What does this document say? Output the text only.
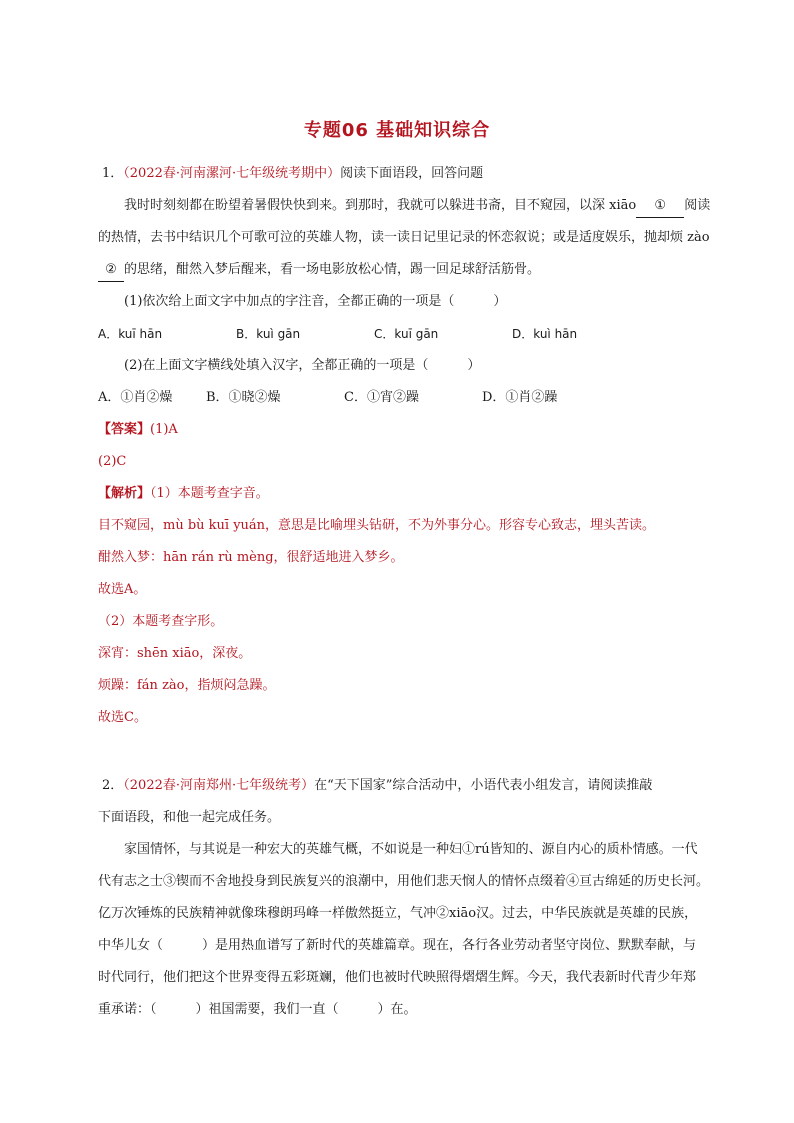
专题06 基础知识综合
1．（2022春·河南漯河·七年级统考期中）阅读下面语段，回答问题
我时时刻刻都在盼望着暑假快快到来。到那时，我就可以躲进书斋，目不窥园，以深 xiāo ① 阅读
的热情，去书中结识几个可歌可泣的英雄人物，读一读日记里记录的怀恋叙说；或是适度娱乐，抛却烦 zào
② 的思绪，酣然入梦后醒来，看一场电影放松心情，踢一回足球舒活筋骨。
(1)依次给上面文字中加点的字注音，全都正确的一项是（　　　）
A．kuī hān	B．kuì gān	C．kuī gān	D．kuì hān
(2)在上面文字横线处填入汉字，全都正确的一项是（　　　）
A．①肖②燥	B．①晓②燥	C．①宵②躁	D．①肖②躁
【答案】(1)A
(2)C
【解析】（1）本题考查字音。
目不窥园，mù bù kuī yuán，意思是比喻埋头钻研，不为外事分心。形容专心致志，埋头苦读。
酣然入梦：hān rán rù mèng，很舒适地进入梦乡。
故选A。
（2）本题考查字形。
深宵：shēn xiāo，深夜。
烦躁：fán zào，指烦闷急躁。
故选C。
2．（2022春·河南郑州·七年级统考）在“天下国家”综合活动中，小语代表小组发言，请阅读推敲
下面语段，和他一起完成任务。
家国情怀，与其说是一种宏大的英雄气概，不如说是一种妇①rú皆知的、源自内心的质朴情感。一代
代有志之士③锲而不舍地投身到民族复兴的浪潮中，用他们悲天悯人的情怀点缀着④亘古绵延的历史长河。
亿万次锤炼的民族精神就像珠穆朗玛峰一样傲然挺立，气冲②xiāo汉。过去，中华民族就是英雄的民族，
中华儿女（　　　）是用热血谱写了新时代的英雄篇章。现在，各行各业劳动者坚守岗位、默默奉献，与
时代同行，他们把这个世界变得五彩斑斓，他们也被时代映照得熠熠生辉。今天，我代表新时代青少年郑
重承诺：（　　　）祖国需要，我们一直（　　　）在。
